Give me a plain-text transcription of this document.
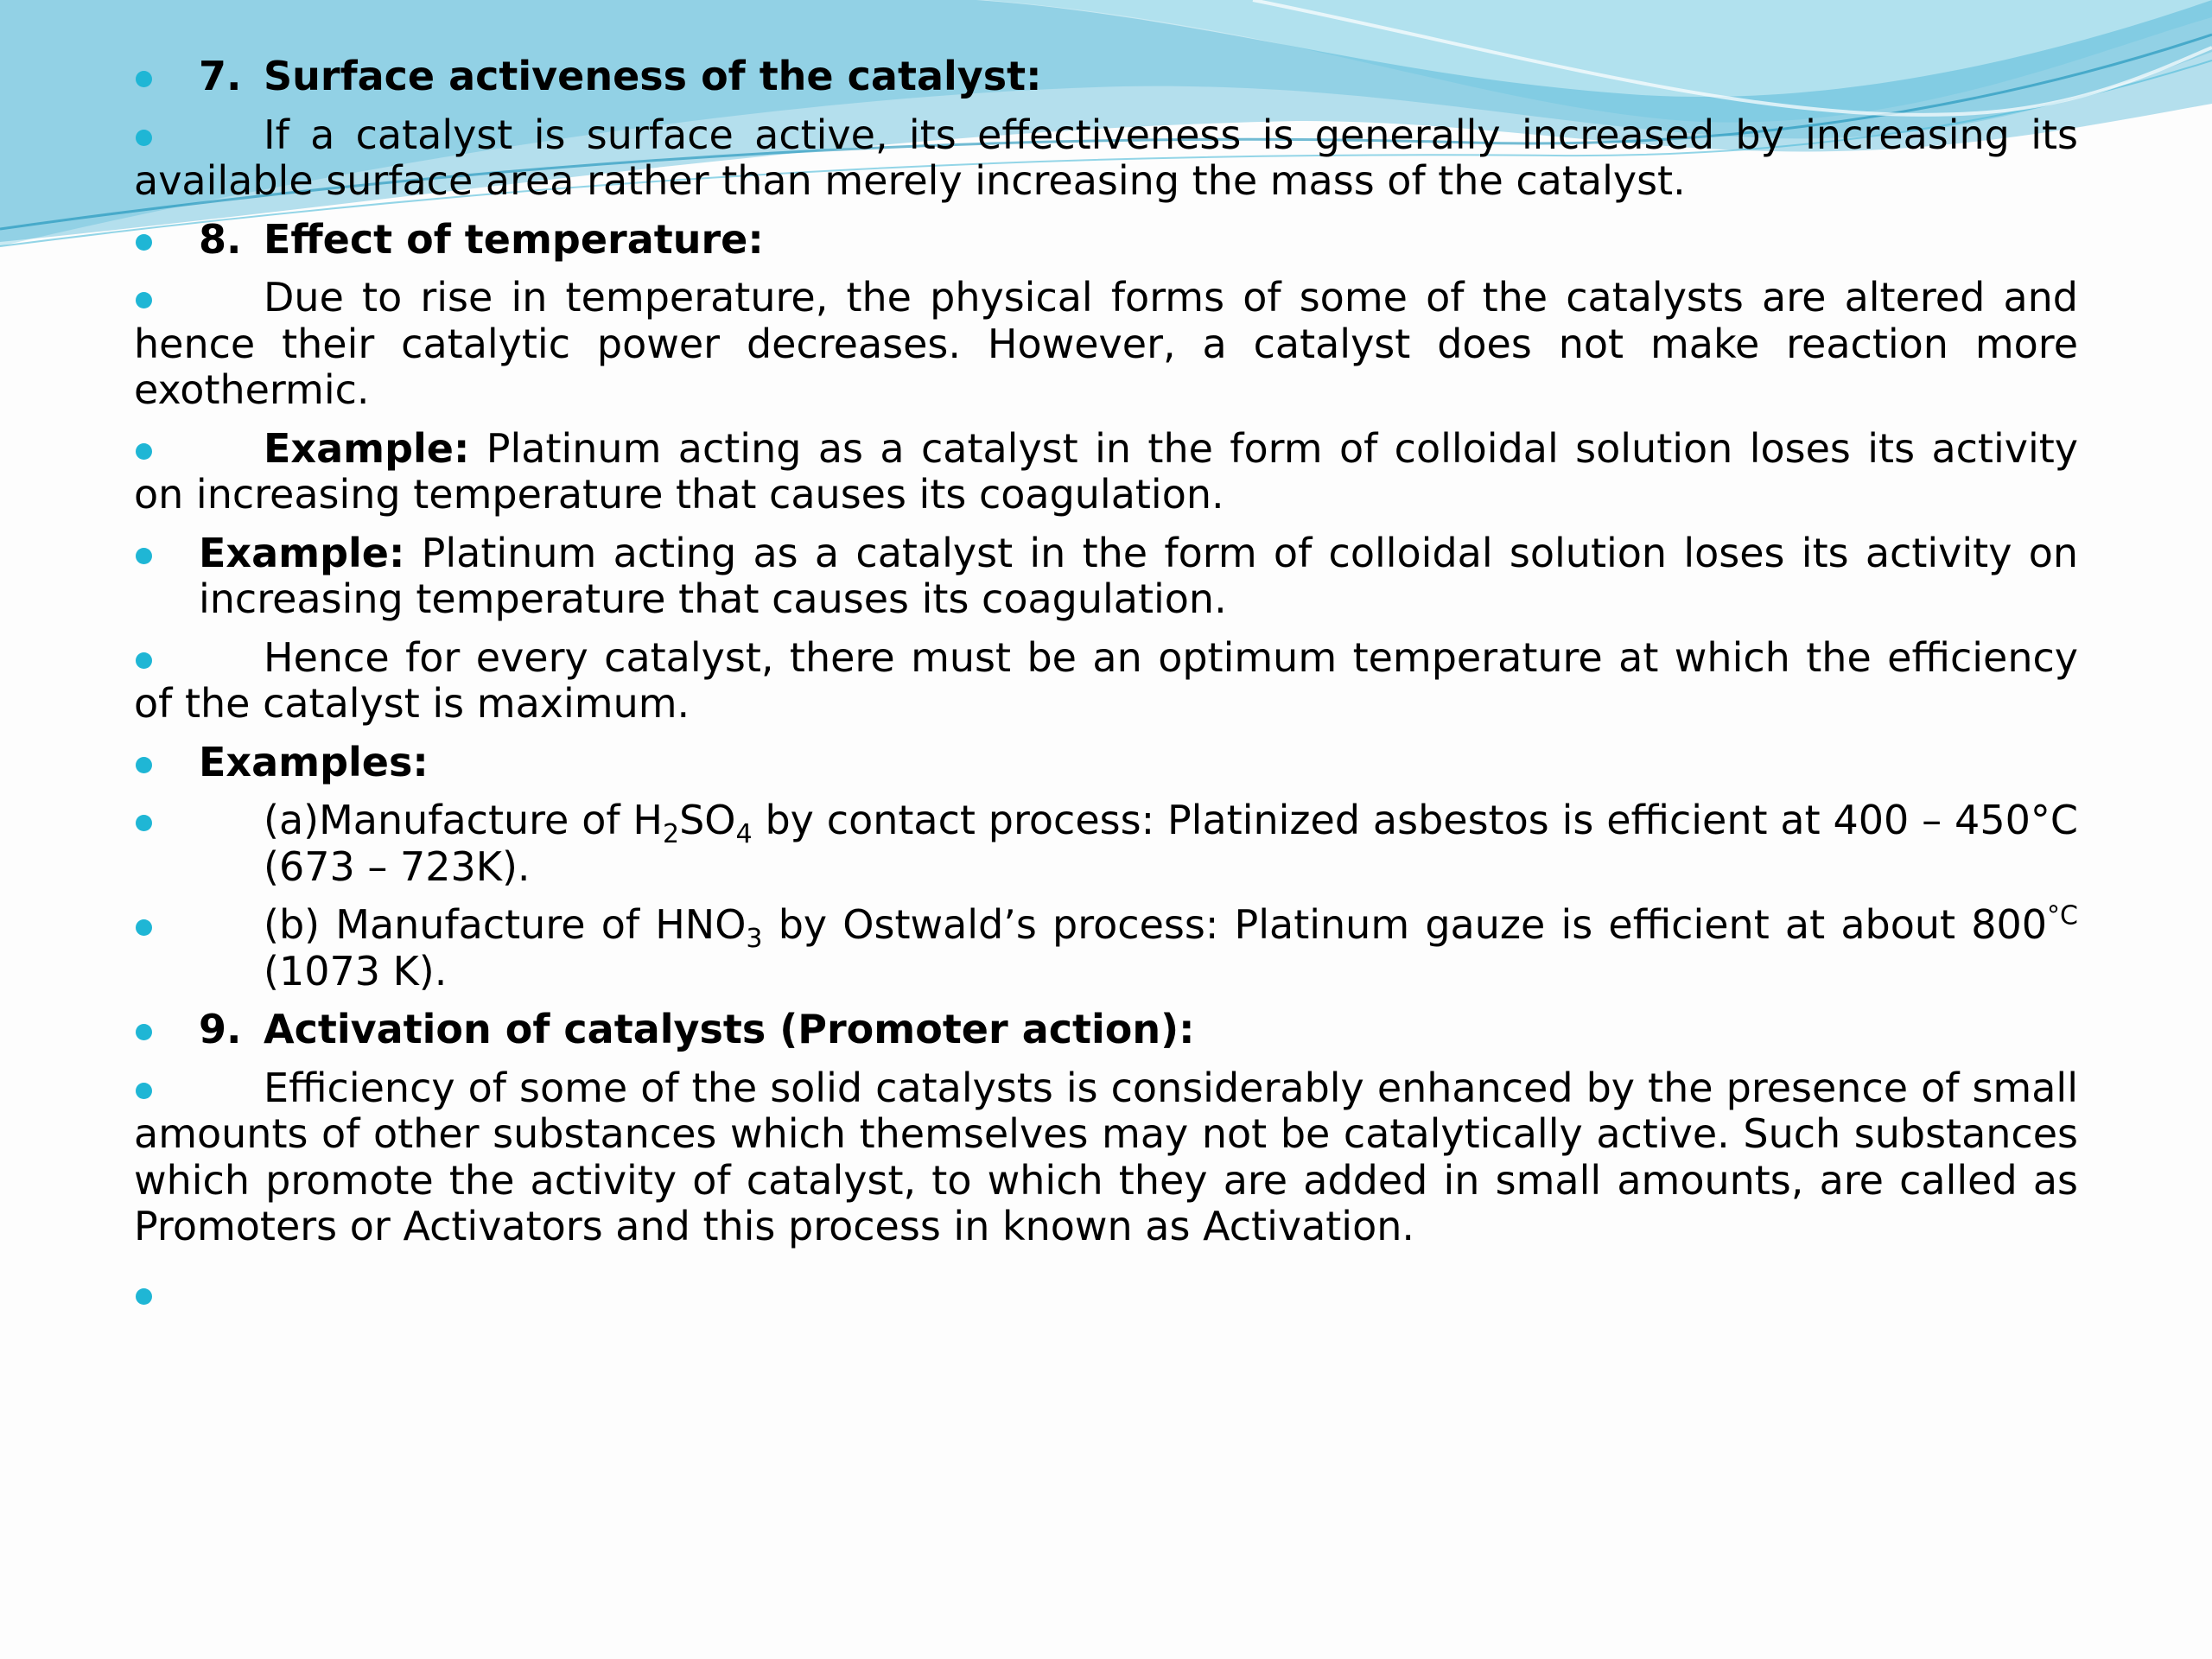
7. Surface activeness of the catalyst:
If a catalyst is surface active, its effectiveness is generally increased by increasing its available surface area rather than merely increasing the mass of the catalyst.
8. Effect of temperature:
Due to rise in temperature, the physical forms of some of the catalysts are altered and hence their catalytic power decreases. However, a catalyst does not make reaction more exothermic.
Example: Platinum acting as a catalyst in the form of colloidal solution loses its activity on increasing temperature that causes its coagulation.
Example: Platinum acting as a catalyst in the form of colloidal solution loses its activity on increasing temperature that causes its coagulation.
Hence for every catalyst, there must be an optimum temperature at which the efficiency of the catalyst is maximum.
Examples:
(a)Manufacture of $H_2SO_4$ by contact process: Platinized asbestos is efficient at 400 – 450°C (673 – 723K).
(b) Manufacture of $HNO_3$ by Ostwald’s process: Platinum gauze is efficient at about $800^{^\circ C}$ (1073 K).
9. Activation of catalysts (Promoter action):
Efficiency of some of the solid catalysts is considerably enhanced by the presence of small amounts of other substances which themselves may not be catalytically active. Such substances which promote the activity of catalyst, to which they are added in small amounts, are called as Promoters or Activators and this process in known as Activation.
